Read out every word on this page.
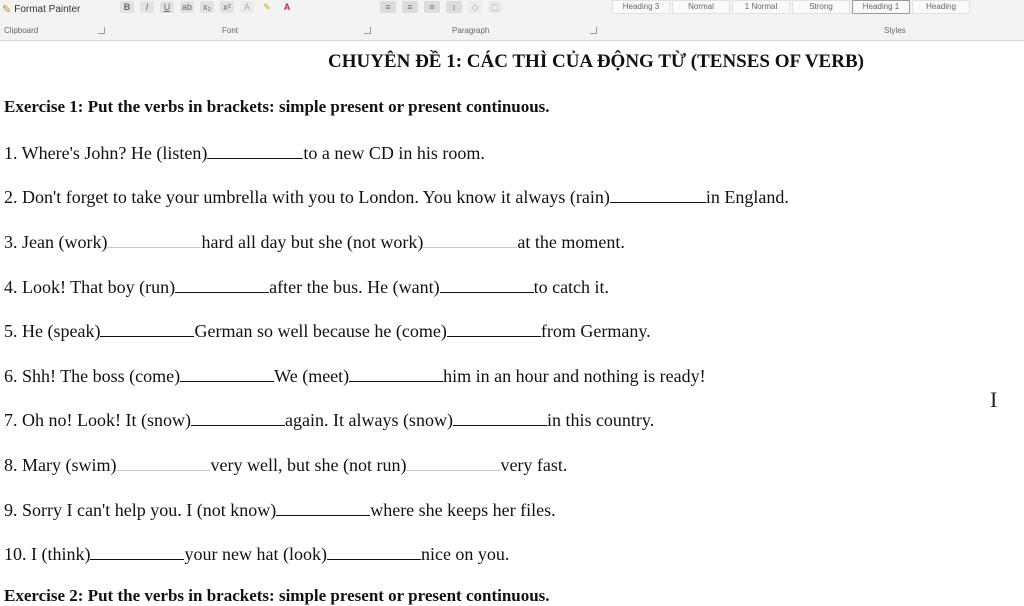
✎ Format Painter	B	I U ab	x₂	x²	A	✎	A	≡	≡	≡	↕	◇	▢	Heading 3	Normal	1 Normal	Strong	Heading 1	Heading
Clipboard	Font	Paragraph	Styles
CHUYÊN ĐỀ 1: CÁC THÌ CỦA ĐỘNG TỪ (TENSES OF VERB)
Exercise 1: Put the verbs in brackets: simple present or present continuous.
1. Where's John? He (listen)	to a new CD in his room.
2. Don't forget to take your umbrella with you to London. You know it always (rain)	in England.
3. Jean (work)	hard all day but she (not work)	at the moment.
4. Look! That boy (run)	after the bus. He (want)	to catch it.
5. He (speak)	German so well because he (come)	from Germany.
6. Shh! The boss (come)	We (meet)	him in an hour and nothing is ready!
7. Oh no! Look! It (snow)	again. It always (snow)	in this country.
8. Mary (swim)	very well, but she (not run)	very fast.
9. Sorry I can't help you. I (not know)	where she keeps her files.
10. I (think)	your new hat (look)	nice on you.
Exercise 2: Put the verbs in brackets: simple present or present continuous.
I
